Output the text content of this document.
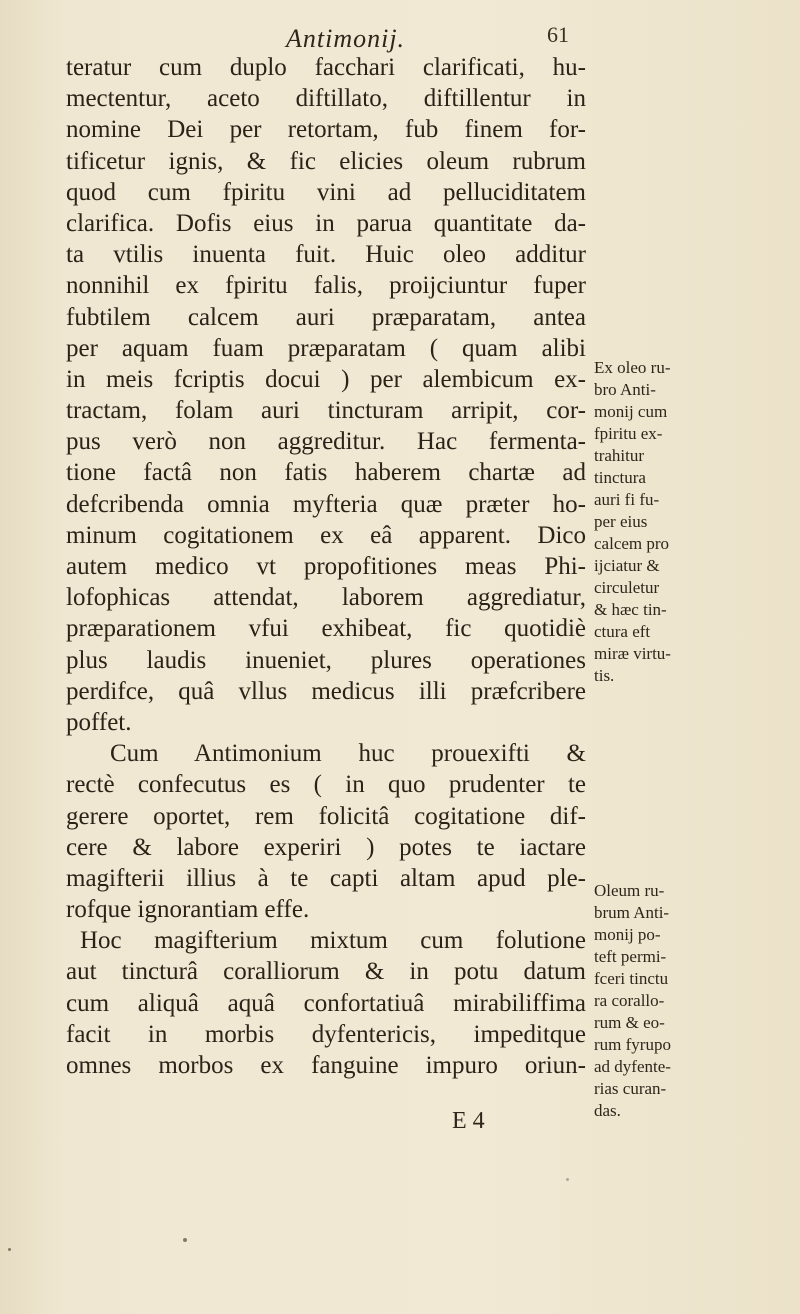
Antimonij.	61
teratur cum duplo facchari clarificati, hu-
mectentur, aceto diftillato, diftillentur in
nomine Dei per retortam, fub finem for-
tificetur ignis, & fic elicies oleum rubrum
quod cum fpiritu vini ad pelluciditatem
clarifica. Dofis eius in parua quantitate da-
ta vtilis inuenta fuit. Huic oleo additur
nonnihil ex fpiritu falis, proijciuntur fuper
fubtilem calcem auri præparatam, antea
per aquam fuam præparatam ( quam alibi
in meis fcriptis docui ) per alembicum ex-
tractam, folam auri tincturam arripit, cor-
pus verò non aggreditur. Hac fermenta-
tione factâ non fatis haberem chartæ ad
defcribenda omnia myfteria quæ præter ho-
minum cogitationem ex eâ apparent. Dico
autem medico vt propofitiones meas Phi-
lofophicas attendat, laborem aggrediatur,
præparationem vfui exhibeat, fic quotidiè
plus laudis inueniet, plures operationes
perdifce, quâ vllus medicus illi præfcribere
poffet.
Cum Antimonium huc prouexifti &
rectè confecutus es ( in quo prudenter te
gerere oportet, rem folicitâ cogitatione dif-
cere & labore experiri ) potes te iactare
magifterii illius à te capti altam apud ple-
rofque ignorantiam effe.
Hoc magifterium mixtum cum folutione
aut tincturâ coralliorum & in potu datum
cum aliquâ aquâ confortatiuâ mirabiliffima
facit in morbis dyfentericis, impeditque
omnes morbos ex fanguine impuro oriun-
E 4
Ex oleo ru-
bro Anti-
monij cum
fpiritu ex-
trahitur
tinctura
auri fi fu-
per eius
calcem pro
ijciatur &
circuletur
& hæc tin-
ctura eft
miræ virtu-
tis.
Oleum ru-
brum Anti-
monij po-
teft permi-
fceri tinctu
ra corallo-
rum & eo-
rum fyrupo
ad dyfente-
rias curan-
das.
